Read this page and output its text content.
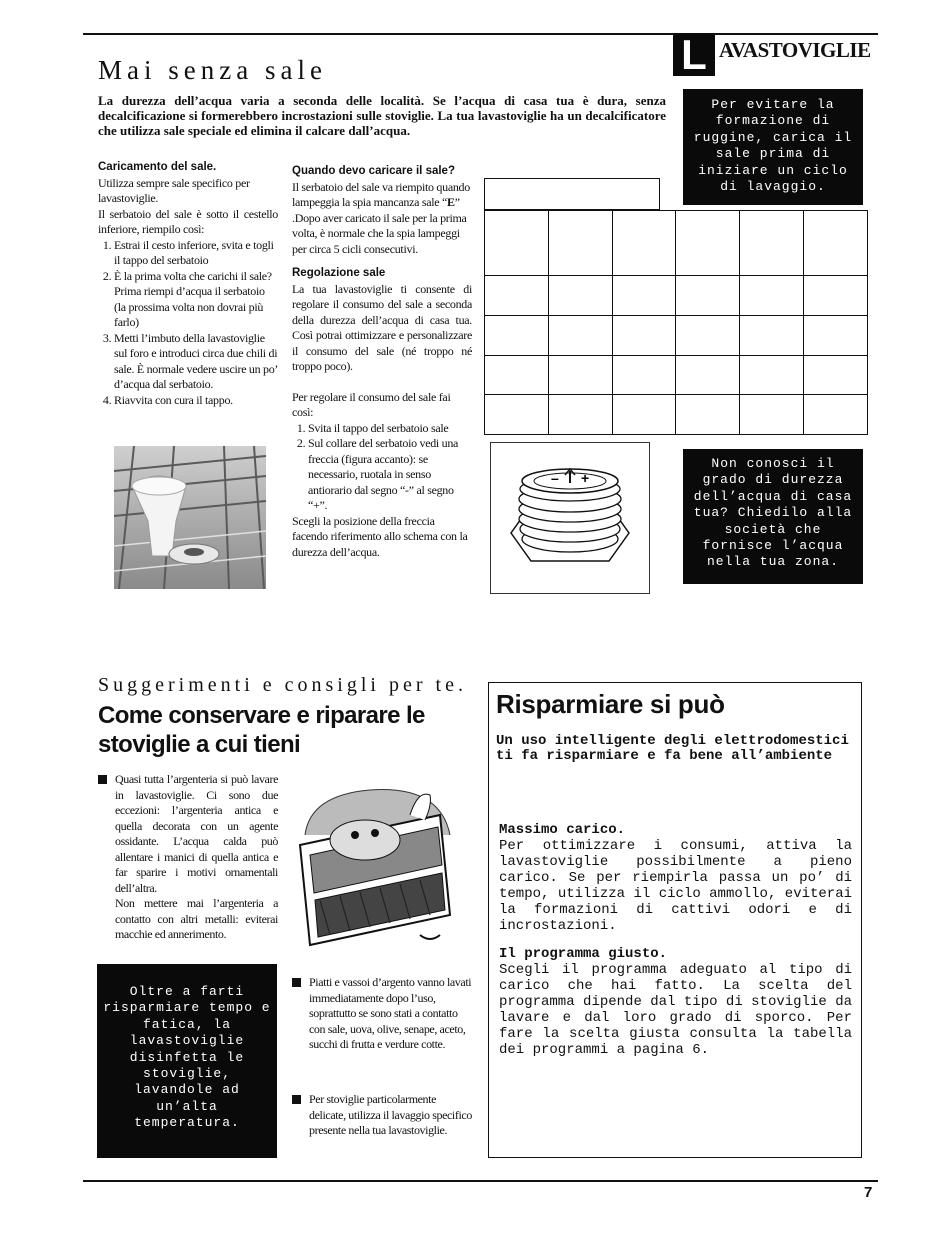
L AVASTOVIGLIE
Mai senza sale
La durezza dell’acqua varia a seconda delle località. Se l’acqua di casa tua è dura, senza decalcificazione si formerebbero incrostazioni sulle stoviglie. La tua lavastoviglie ha un decalcificatore che utilizza sale speciale ed elimina il calcare dall’acqua.
Caricamento del sale.

Utilizza sempre sale specifico per lavastoviglie.

Il serbatoio del sale è sotto il cestello inferiore, riempilo così:

1. Estrai il cesto inferiore, svita e togli il tappo del serbatoio
2. È la prima volta che carichi il sale? Prima riempi d’acqua il serbatoio (la prossima volta non dovrai più farlo)
3. Metti l’imbuto della lavastoviglie sul foro e introduci circa due chili di sale. È normale vedere uscire un po’ d’acqua dal serbatoio.
4. Riavvita con cura il tappo.
Quando devo caricare il sale?

Il serbatoio del sale va riempito quando lampeggia la spia mancanza sale “E” .Dopo aver caricato il sale per la prima volta, è normale che la spia lampeggi per circa 5 cicli consecutivi.

Regolazione sale

La tua lavastoviglie ti consente di regolare il consumo del sale a seconda della durezza dell’acqua di casa tua. Così potrai ottimizzare e personalizzare il consumo del sale (né troppo né troppo poco).

Per regolare il consumo del sale fai così:

1. Svita il tappo del serbatoio sale
2. Sul collare del serbatoio vedi una freccia (figura accanto): se necessario, ruotala in senso antiorario dal segno “-” al segno “+”.

Scegli la posizione della freccia facendo riferimento allo schema con la durezza dell’acqua.

Per evitare la formazione di ruggine, carica il sale prima di iniziare un ciclo di lavaggio.
– +
Non conosci il grado di durezza dell’acqua di casa tua? Chiedilo alla società che fornisce l’acqua nella tua zona.
Suggerimenti e consigli per te.
Come conservare e riparare le stoviglie a cui tieni
Quasi tutta l’argenteria si può lavare in lavastoviglie. Ci sono due eccezioni: l’argenteria antica e quella decorata con un agente ossidante. L’acqua calda può allentare i manici di quella antica e far sparire i motivi ornamentali dell’altra.
Non mettere mai l’argenteria a contatto con altri metalli: eviterai macchie ed annerimento.
Oltre a farti risparmiare tempo e fatica, la lavastoviglie disinfetta le stoviglie, lavandole ad un’alta temperatura.
Piatti e vassoi d’argento vanno lavati immediatamente dopo l’uso, soprattutto se sono stati a contatto con sale, uova, olive, senape, aceto, succhi di frutta e verdure cotte.
Per stoviglie particolarmente delicate, utilizza il lavaggio specifico presente nella tua lavastoviglie.
Risparmiare si può
Un uso intelligente degli elettrodomestici ti fa risparmiare e fa bene all’ambiente
Massimo carico.
Per ottimizzare i consumi, attiva la lavastoviglie possibilmente a pieno carico. Se per riempirla passa un po’ di tempo, utilizza il ciclo ammollo, eviterai la formazioni di cattivi odori e di incrostazioni.
Il programma giusto.
Scegli il programma adeguato al tipo di carico che hai fatto. La scelta del programma dipende dal tipo di stoviglie da lavare e dal loro grado di sporco. Per fare la scelta giusta consulta la tabella dei programmi a pagina 6.
7
